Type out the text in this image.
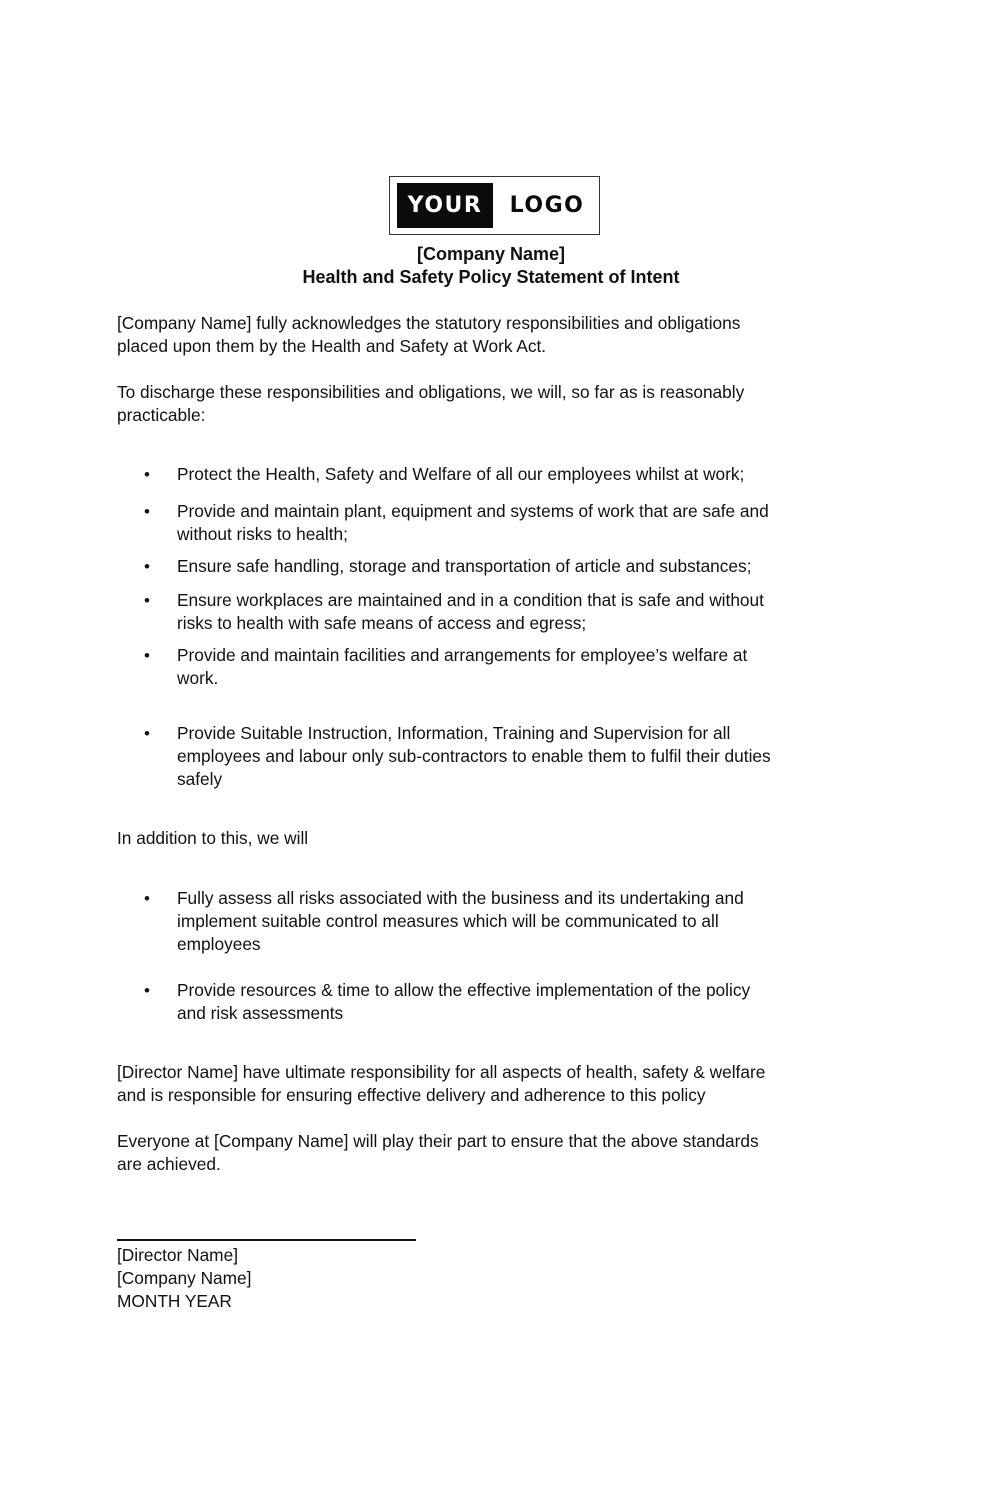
YOUR	LOGO
[Company Name]
Health and Safety Policy Statement of Intent
[Company Name] fully acknowledges the statutory responsibilities and obligations
placed upon them by the Health and Safety at Work Act.
To discharge these responsibilities and obligations, we will, so far as is reasonably
practicable:
•	Protect the Health, Safety and Welfare of all our employees whilst at work;
•	Provide and maintain plant, equipment and systems of work that are safe and
without risks to health;
•	Ensure safe handling, storage and transportation of article and substances;
•	Ensure workplaces are maintained and in a condition that is safe and without
risks to health with safe means of access and egress;
•	Provide and maintain facilities and arrangements for employee’s welfare at
work.
•	Provide Suitable Instruction, Information, Training and Supervision for all
employees and labour only sub-contractors to enable them to fulfil their duties
safely
In addition to this, we will
•	Fully assess all risks associated with the business and its undertaking and
implement suitable control measures which will be communicated to all
employees
•	Provide resources & time to allow the effective implementation of the policy
and risk assessments
[Director Name] have ultimate responsibility for all aspects of health, safety & welfare
and is responsible for ensuring effective delivery and adherence to this policy
Everyone at [Company Name] will play their part to ensure that the above standards
are achieved.
[Director Name]
[Company Name]
MONTH YEAR
